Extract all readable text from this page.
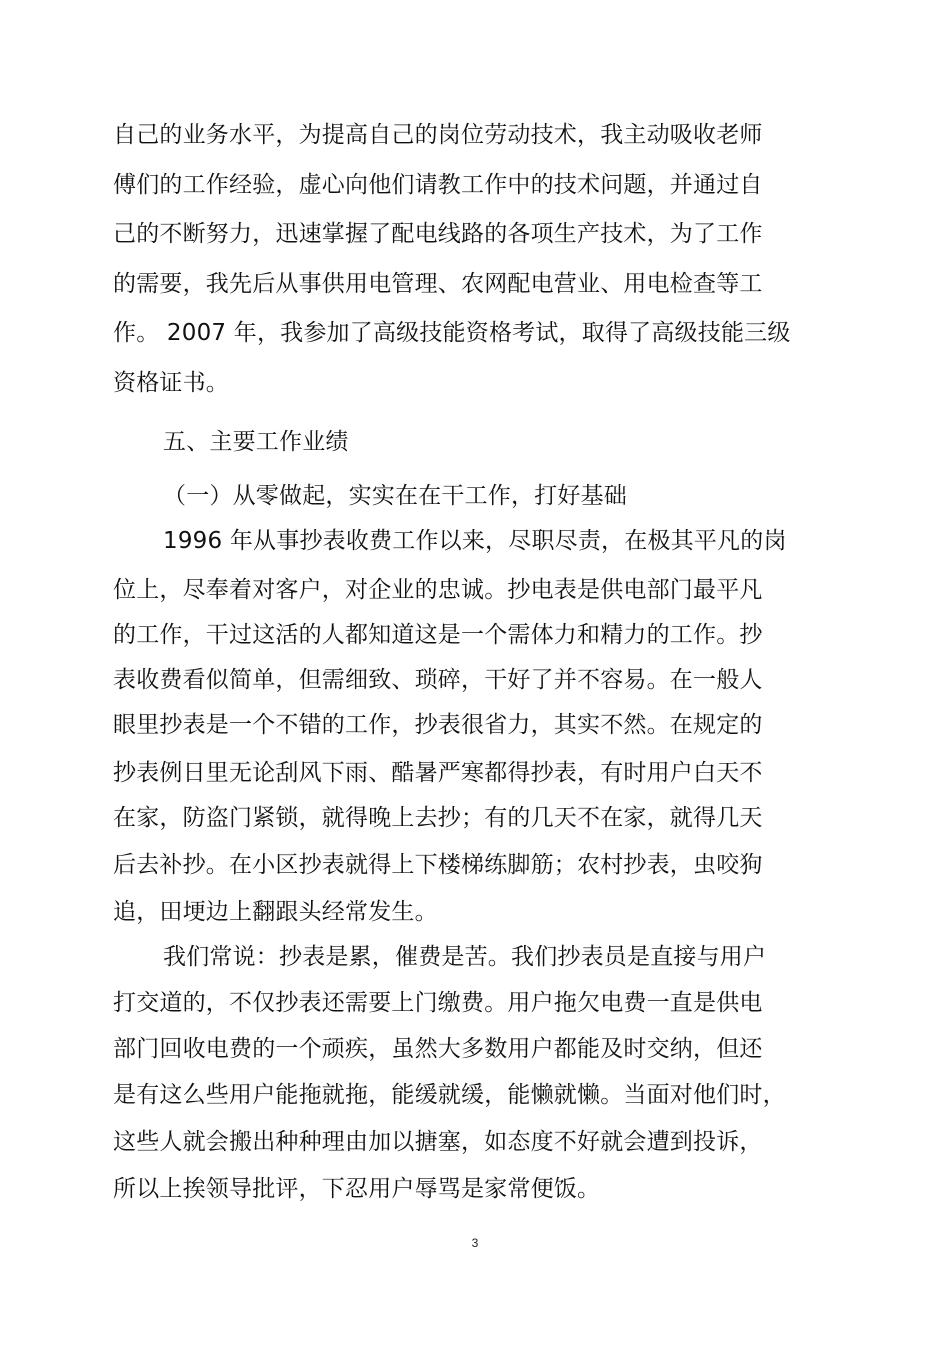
自己的业务水平，为提高自己的岗位劳动技术，我主动吸收老师
傅们的工作经验，虚心向他们请教工作中的技术问题，并通过自
己的不断努力，迅速掌握了配电线路的各项生产技术，为了工作
的需要，我先后从事供用电管理、农网配电营业、用电检查等工
作。 2007 年，我参加了高级技能资格考试，取得了高级技能三级
资格证书。
五、主要工作业绩
（一）从零做起，实实在在干工作，打好基础
1996 年从事抄表收费工作以来，尽职尽责，在极其平凡的岗
位上，尽奉着对客户，对企业的忠诚。抄电表是供电部门最平凡
的工作，干过这活的人都知道这是一个需体力和精力的工作。抄
表收费看似简单，但需细致、琐碎，干好了并不容易。在一般人
眼里抄表是一个不错的工作，抄表很省力，其实不然。在规定的
抄表例日里无论刮风下雨、酷暑严寒都得抄表，有时用户白天不
在家，防盗门紧锁，就得晚上去抄；有的几天不在家，就得几天
后去补抄。在小区抄表就得上下楼梯练脚筋；农村抄表，虫咬狗
追，田埂边上翻跟头经常发生。
我们常说：抄表是累，催费是苦。我们抄表员是直接与用户
打交道的，不仅抄表还需要上门缴费。用户拖欠电费一直是供电
部门回收电费的一个顽疾，虽然大多数用户都能及时交纳，但还
是有这么些用户能拖就拖，能缓就缓，能懒就懒。当面对他们时，
这些人就会搬出种种理由加以搪塞，如态度不好就会遭到投诉，
所以上挨领导批评，下忍用户辱骂是家常便饭。
3
